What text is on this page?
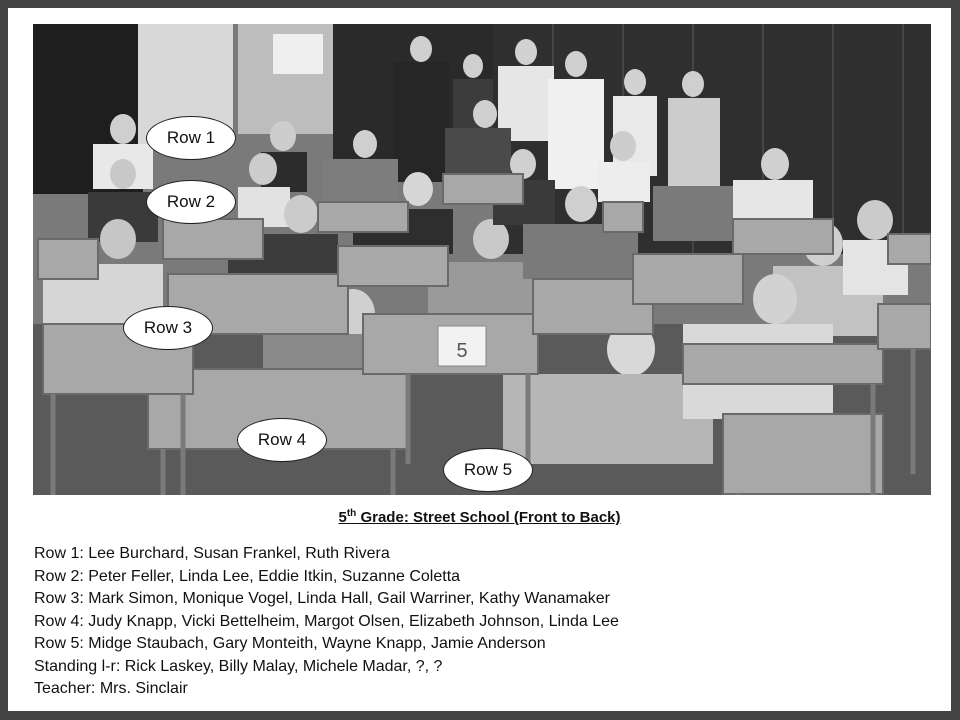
5
Row 1
Row 2
Row 3
Row 4
Row 5
5th Grade: Street School (Front to Back)
Row 1: Lee Burchard, Susan Frankel, Ruth Rivera
Row 2: Peter Feller, Linda Lee, Eddie Itkin, Suzanne Coletta
Row 3: Mark Simon, Monique Vogel, Linda Hall, Gail Warriner, Kathy Wanamaker
Row 4: Judy Knapp, Vicki Bettelheim, Margot Olsen, Elizabeth Johnson, Linda Lee
Row 5: Midge Staubach, Gary Monteith, Wayne Knapp, Jamie Anderson
Standing l-r: Rick Laskey, Billy Malay, Michele Madar, ?, ?
Teacher: Mrs. Sinclair
